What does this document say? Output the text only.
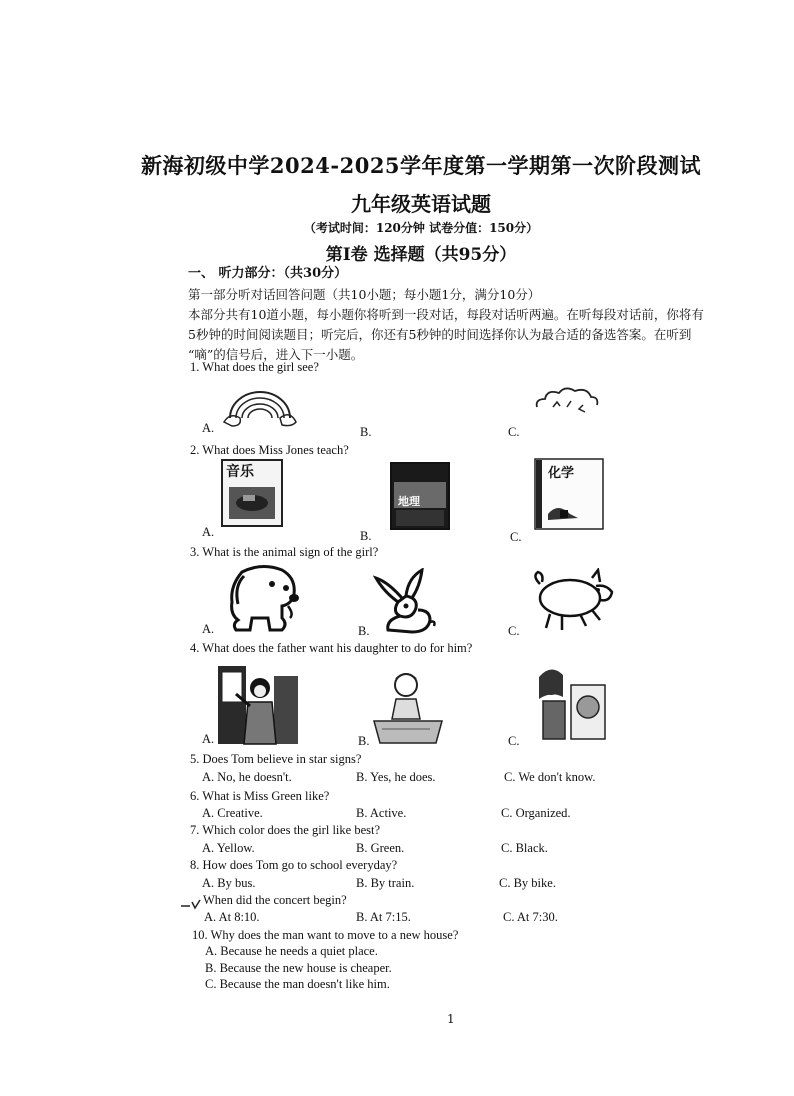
新海初级中学2024-2025学年度第一学期第一次阶段测试
九年级英语试题
（考试时间：120分钟 试卷分值：150分）
第Ⅰ卷 选择题（共95分）
一、 听力部分：（共30分）
第一部分听对话回答问题（共10小题；每小题1分，满分10分）
本部分共有10道小题，每小题你将听到一段对话，每段对话听两遍。在听每段对话前，你将有
5秒钟的时间阅读题目；听完后，你还有5秒钟的时间选择你认为最合适的备选答案。在听到
“嘀”的信号后，进入下一小题。
1. What does the girl see?
A.	B.	C.
2. What does Miss Jones teach?
音乐
地理
化学
A.	B.	C.
3. What is the animal sign of the girl?
A.	B.	C.
4. What does the father want his daughter to do for him?
A.	B.	C.
5. Does Tom believe in star signs?
A. No, he doesn't.	B. Yes, he does.	C. We don't know.
6. What is Miss Green like?
A. Creative.	B. Active.	C. Organized.
7. Which color does the girl like best?
A. Yellow.	B. Green.	C. Black.
8. How does Tom go to school everyday?
A. By bus.	B. By train.	C. By bike.
When did the concert begin?
A. At 8:10.	B. At 7:15.	C. At 7:30.
10. Why does the man want to move to a new house?
A. Because he needs a quiet place.
B. Because the new house is cheaper.
C. Because the man doesn't like him.
1
